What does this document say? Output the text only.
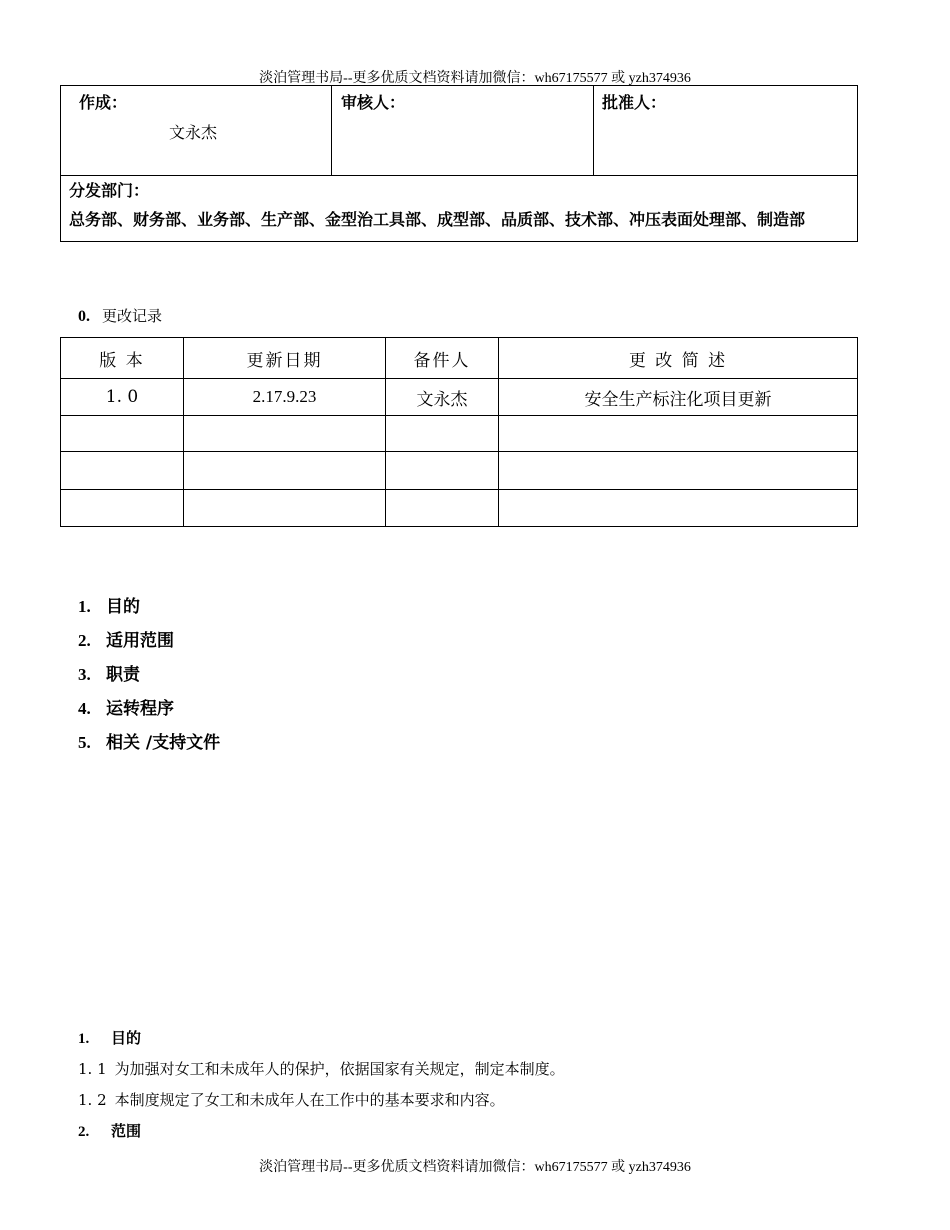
淡泊管理书局--更多优质文档资料请加微信：wh67175577 或 yzh374936
作成：
文永杰

审核人：	批准人：

分发部门：
总务部、财务部、业务部、生产部、金型治工具部、成型部、品质部、技术部、冲压表面处理部、制造部
0. 更改记录
版 本	更新日期	备件人	更 改 简 述
1. 0	2.17.9.23	文永杰	安全生产标注化项目更新

1. 目的
2. 适用范围
3. 职责
4. 运转程序
5. 相关 /支持文件
1. 目的
1. 1 为加强对女工和未成年人的保护，依据国家有关规定，制定本制度。
1. 2 本制度规定了女工和未成年人在工作中的基本要求和内容。
2. 范围
淡泊管理书局--更多优质文档资料请加微信：wh67175577 或 yzh374936
